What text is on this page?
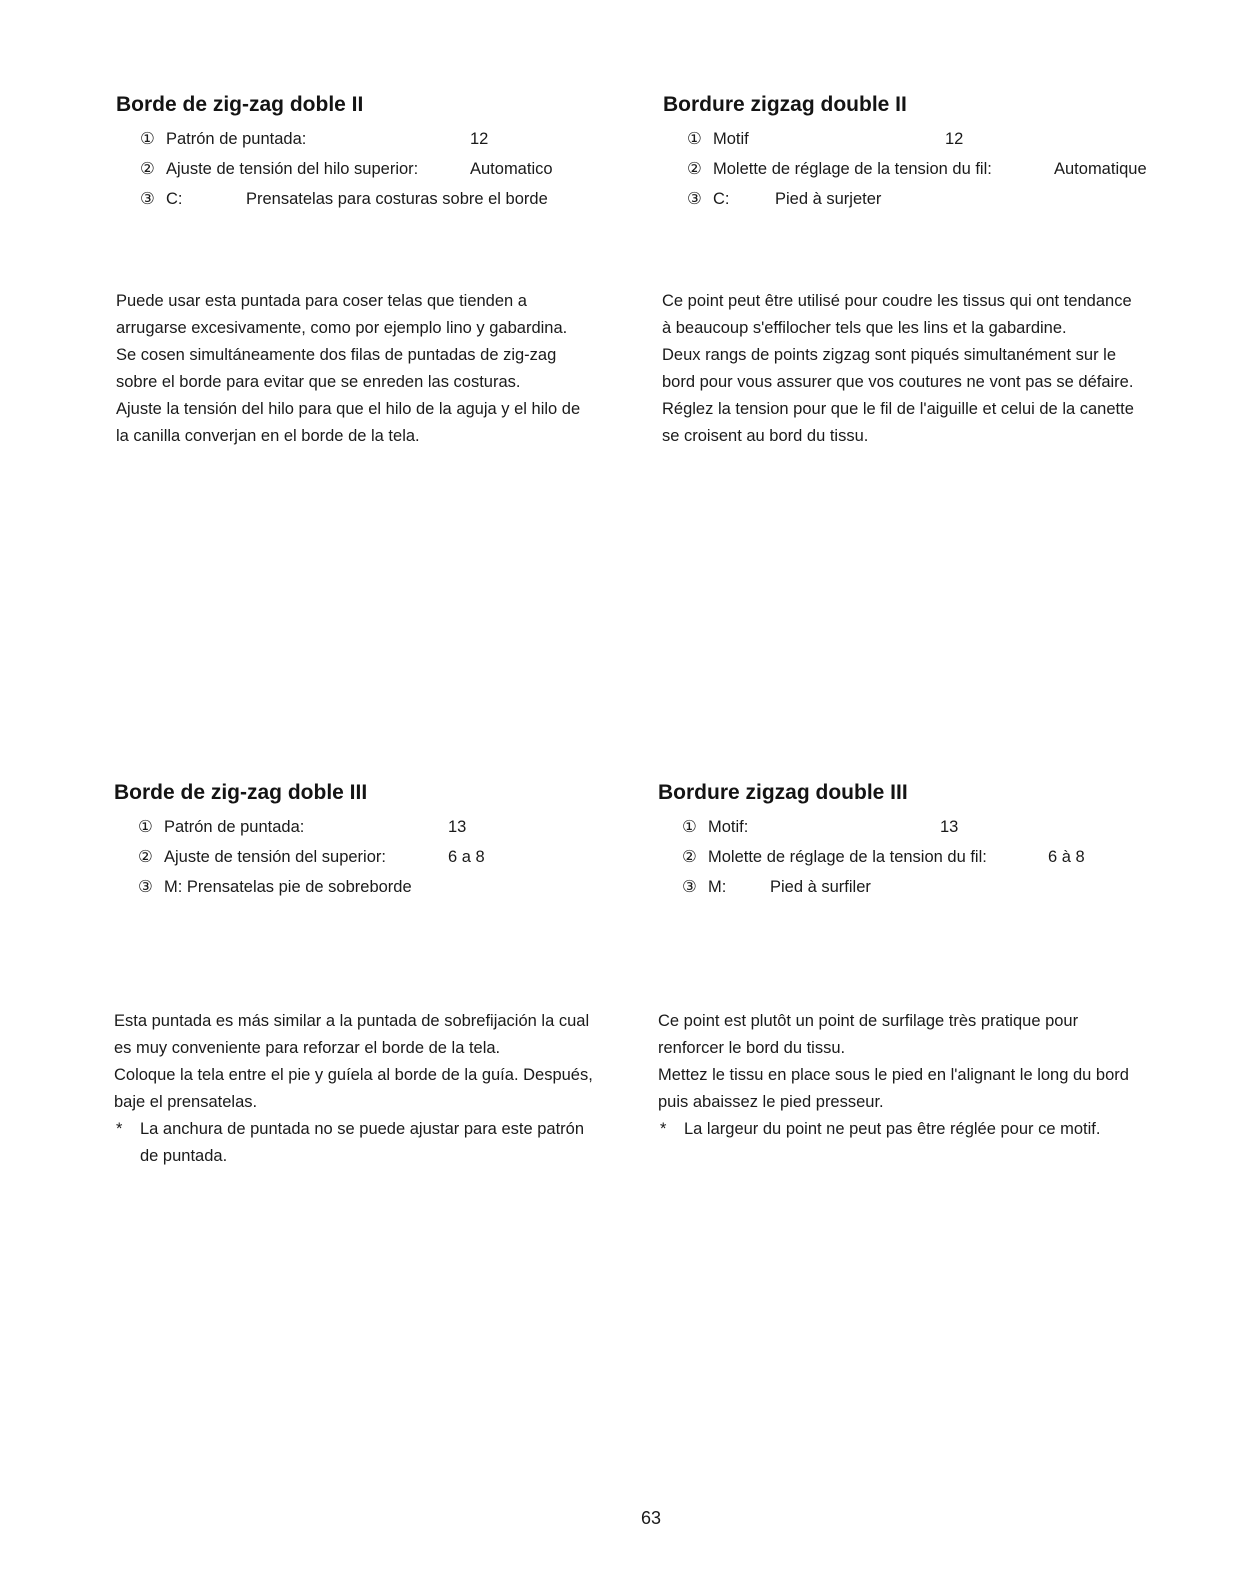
Borde de zig-zag doble II
① Patrón de puntada:	12
② Ajuste de tensión del hilo superior:	Automatico
③ C:	Prensatelas para costuras sobre el borde

Puede usar esta puntada para coser telas que tienden a

arrugarse excesivamente, como por ejemplo lino y gabardina.

Se cosen simultáneamente dos filas de puntadas de zig-zag

sobre el borde para evitar que se enreden las costuras.

Ajuste la tensión del hilo para que el hilo de la aguja y el hilo de

la canilla converjan en el borde de la tela.

Bordure zigzag double II
① Motif	12
② Molette de réglage de la tension du fil:	Automatique
③ C:	Pied à surjeter

Ce point peut être utilisé pour coudre les tissus qui ont tendance

à beaucoup s'effilocher tels que les lins et la gabardine.

Deux rangs de points zigzag sont piqués simultanément sur le

bord pour vous assurer que vos coutures ne vont pas se défaire.

Réglez la tension pour que le fil de l'aiguille et celui de la canette

se croisent au bord du tissu.

Borde de zig-zag doble III
① Patrón de puntada:	13
② Ajuste de tensión del superior:	6 a 8
③ M: Prensatelas pie de sobreborde

Esta puntada es más similar a la puntada de sobrefijación la cual

es muy conveniente para reforzar el borde de la tela.

Coloque la tela entre el pie y guíela al borde de la guía. Después,

baje el prensatelas.

* La anchura de puntada no se puede ajustar para este patrón
de puntada.
Bordure zigzag double III
① Motif:	13
② Molette de réglage de la tension du fil:	6 à 8
③ M:	Pied à surfiler

Ce point est plutôt un point de surfilage très pratique pour

renforcer le bord du tissu.

Mettez le tissu en place sous le pied en l'alignant le long du bord

puis abaissez le pied presseur.

* La largeur du point ne peut pas être réglée pour ce motif.
63
